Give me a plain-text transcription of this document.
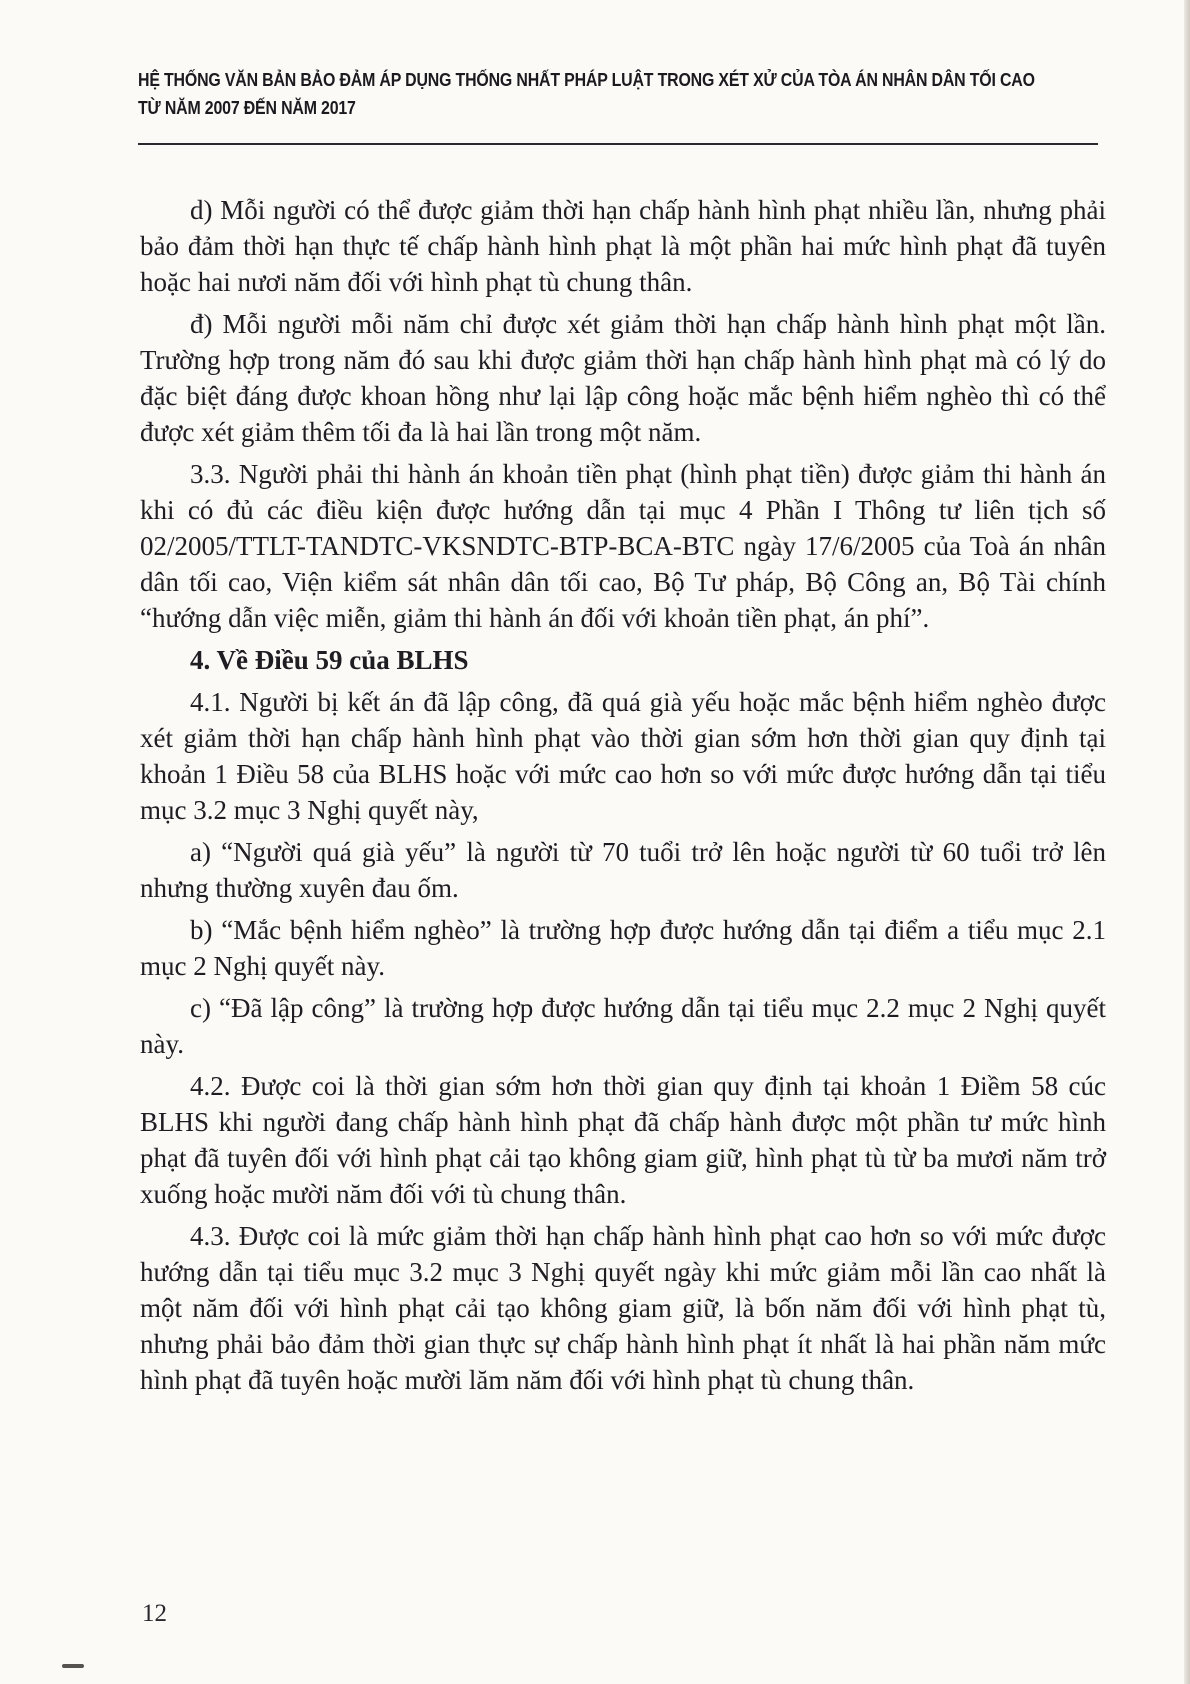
HỆ THỐNG VĂN BẢN BẢO ĐẢM ÁP DỤNG THỐNG NHẤT PHÁP LUẬT TRONG XÉT XỬ CỦA TÒA ÁN NHÂN DÂN TỐI CAO
TỪ NĂM 2007 ĐẾN NĂM 2017

d) Mỗi người có thể được giảm thời hạn chấp hành hình phạt nhiều lần, nhưng phải bảo đảm thời hạn thực tế chấp hành hình phạt là một phần hai mức hình phạt đã tuyên hoặc hai nươi năm đối với hình phạt tù chung thân.

đ) Mỗi người mỗi năm chỉ được xét giảm thời hạn chấp hành hình phạt một lần. Trường hợp trong năm đó sau khi được giảm thời hạn chấp hành hình phạt mà có lý do đặc biệt đáng được khoan hồng như lại lập công hoặc mắc bệnh hiểm nghèo thì có thể được xét giảm thêm tối đa là hai lần trong một năm.

3.3. Người phải thi hành án khoản tiền phạt (hình phạt tiền) được giảm thi hành án khi có đủ các điều kiện được hướng dẫn tại mục 4 Phần I Thông tư liên tịch số 02/2005/TTLT-TANDTC-VKSNDTC-BTP-BCA-BTC ngày 17/6/2005 của Toà án nhân dân tối cao, Viện kiểm sát nhân dân tối cao, Bộ Tư pháp, Bộ Công an, Bộ Tài chính “hướng dẫn việc miễn, giảm thi hành án đối với khoản tiền phạt, án phí”.

4. Về Điều 59 của BLHS

4.1. Người bị kết án đã lập công, đã quá già yếu hoặc mắc bệnh hiểm nghèo được xét giảm thời hạn chấp hành hình phạt vào thời gian sớm hơn thời gian quy định tại khoản 1 Điều 58 của BLHS hoặc với mức cao hơn so với mức được hướng dẫn tại tiểu mục 3.2 mục 3 Nghị quyết này,

a) “Người quá già yếu” là người từ 70 tuổi trở lên hoặc người từ 60 tuổi trở lên nhưng thường xuyên đau ốm.

b) “Mắc bệnh hiểm nghèo” là trường hợp được hướng dẫn tại điểm a tiểu mục 2.1 mục 2 Nghị quyết này.

c) “Đã lập công” là trường hợp được hướng dẫn tại tiểu mục 2.2 mục 2 Nghị quyết này.

4.2. Được coi là thời gian sớm hơn thời gian quy định tại khoản 1 Điềm 58 cúc BLHS khi người đang chấp hành hình phạt đã chấp hành được một phần tư mức hình phạt đã tuyên đối với hình phạt cải tạo không giam giữ, hình phạt tù từ ba mươi năm trở xuống hoặc mười năm đối với tù chung thân.

4.3. Được coi là mức giảm thời hạn chấp hành hình phạt cao hơn so với mức được hướng dẫn tại tiểu mục 3.2 mục 3 Nghị quyết ngày khi mức giảm mỗi lần cao nhất là một năm đối với hình phạt cải tạo không giam giữ, là bốn năm đối với hình phạt tù, nhưng phải bảo đảm thời gian thực sự chấp hành hình phạt ít nhất là hai phần năm mức hình phạt đã tuyên hoặc mười lăm năm đối với hình phạt tù chung thân.

12
